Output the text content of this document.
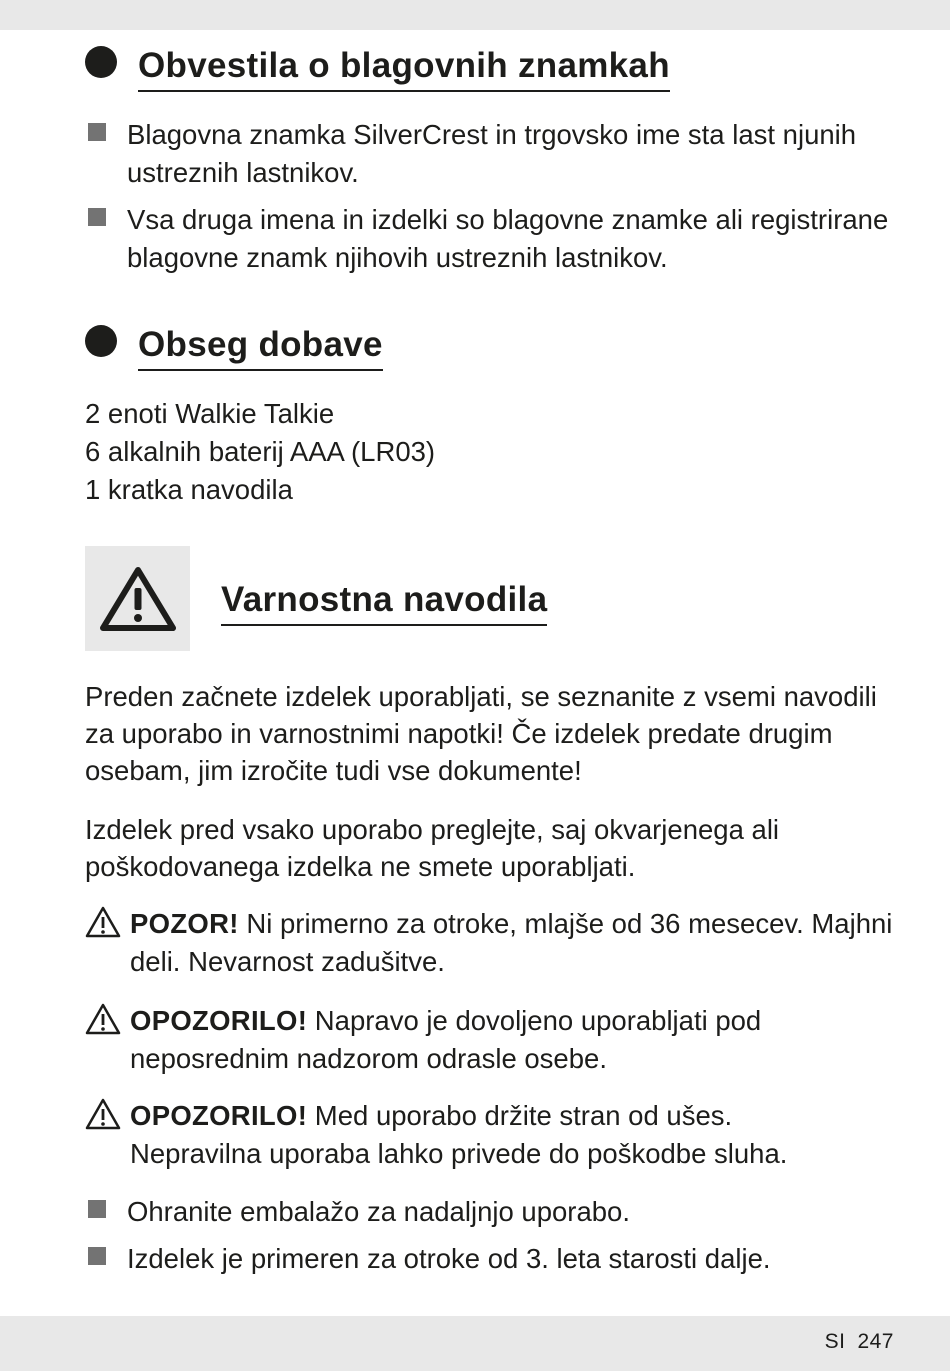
Obvestila o blagovnih znamkah
Blagovna znamka SilverCrest in trgovsko ime sta last njunih ustreznih lastnikov.
Vsa druga imena in izdelki so blagovne znamke ali registrirane blagovne znamk njihovih ustreznih lastnikov.
Obseg dobave
2 enoti Walkie Talkie
6 alkalnih baterij AAA (LR03)
1 kratka navodila
Varnostna navodila
Preden začnete izdelek uporabljati, se seznanite z vsemi navodili za uporabo in varnostnimi napotki! Če izdelek predate drugim osebam, jim izročite tudi vse dokumente!
Izdelek pred vsako uporabo preglejte, saj okvarjenega ali poškodovanega izdelka ne smete uporabljati.
POZOR! Ni primerno za otroke, mlajše od 36 mesecev. Majhni deli. Nevarnost zadušitve.
OPOZORILO! Napravo je dovoljeno uporabljati pod neposrednim nadzorom odrasle osebe.
OPOZORILO! Med uporabo držite stran od ušes. Nepravilna uporaba lahko privede do poškodbe sluha.
Ohranite embalažo za nadaljnjo uporabo.
Izdelek je primeren za otroke od 3. leta starosti dalje.
SI 247
